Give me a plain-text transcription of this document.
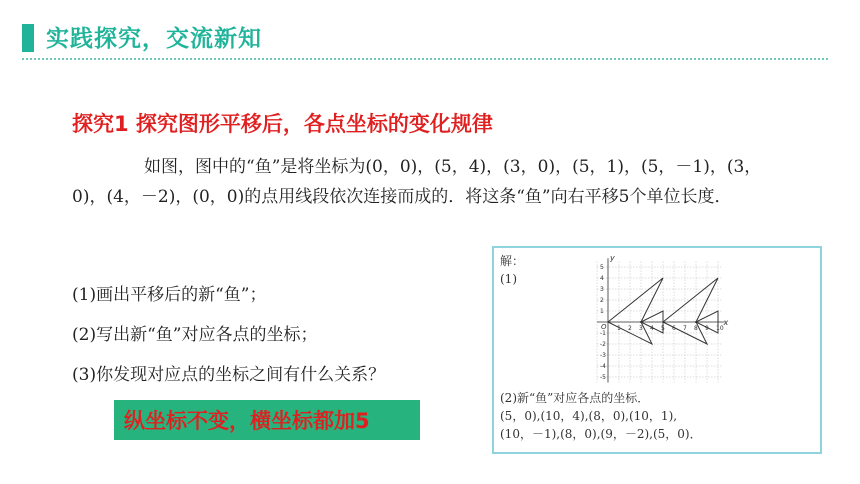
实践探究，交流新知
探究1 探究图形平移后，各点坐标的变化规律
如图，图中的“鱼”是将坐标为(0，0)，(5，4)，(3，0)，(5，1)，(5，－1)，(3，0)，(4，－2)，(0，0)的点用线段依次连接而成的．将这条“鱼”向右平移5个单位长度．
(1)画出平移后的新“鱼”；
(2)写出新“鱼”对应各点的坐标；
(3)你发现对应点的坐标之间有什么关系？
纵坐标不变，横坐标都加5
解：
(1)
(2)新“鱼”对应各点的坐标．
(5，0),(10，4),(8，0),(10，1),
(10，－1),(8，0),(9，－2),(5，0)．
1 2 3 4 5 6 7 8 9 10
5
4
3
2
1
-1
-2
-3
-4
-5
x
y
O
